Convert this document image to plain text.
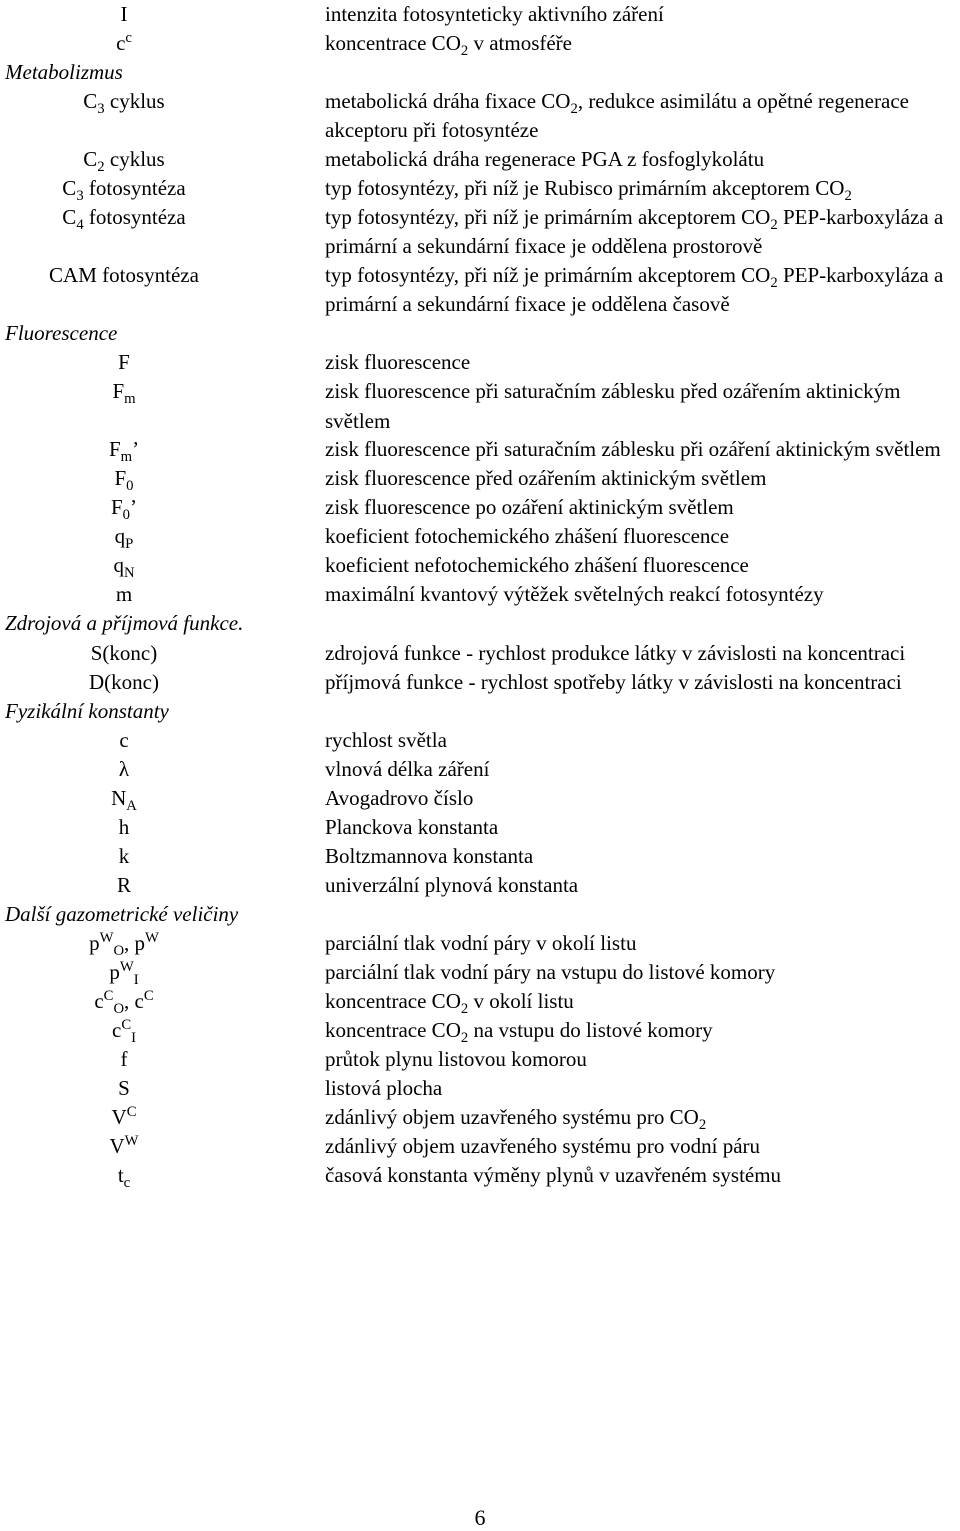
I	intenzita fotosynteticky aktivního záření
$c^c$	koncentrace $CO_2$ v atmosféře
Metabolizmus
$C_3$ cyklus	metabolická dráha fixace $CO_2$, redukce asimilátu a opětné regenerace akceptoru při fotosyntéze
$C_2$ cyklus	metabolická dráha regenerace PGA z fosfoglykolátu
$C_3$ fotosyntéza	typ fotosyntézy, při níž je Rubisco primárním akceptorem $CO_2$
$C_4$ fotosyntéza	typ fotosyntézy, při níž je primárním akceptorem $CO_2$ PEP-karboxyláza a primární a sekundární fixace je oddělena prostorově
CAM fotosyntéza	typ fotosyntézy, při níž je primárním akceptorem $CO_2$ PEP-karboxyláza a primární a sekundární fixace je oddělena časově
Fluorescence
F	zisk fluorescence
$F_m$	zisk fluorescence při saturačním záblesku před ozářením aktinickým světlem
$F_m$’	zisk fluorescence při saturačním záblesku při ozáření aktinickým světlem
$F_0$	zisk fluorescence před ozářením aktinickým světlem
$F_0$’	zisk fluorescence po ozáření aktinickým světlem
$q_P$	koeficient fotochemického zhášení fluorescence
$q_N$	koeficient nefotochemického zhášení fluorescence
m	maximální kvantový výtěžek světelných reakcí fotosyntézy
Zdrojová a příjmová funkce.
S(konc)	zdrojová funkce - rychlost produkce látky v závislosti na koncentraci
D(konc)	příjmová funkce - rychlost spotřeby látky v závislosti na koncentraci
Fyzikální konstanty
c	rychlost světla
λ	vlnová délka záření
$N_A$	Avogadrovo číslo
h	Planckova konstanta
k	Boltzmannova konstanta
R	univerzální plynová konstanta
Další gazometrické veličiny
$p^W_O$, $p^W$	parciální tlak vodní páry v okolí listu
$p^W_I$	parciální tlak vodní páry na vstupu do listové komory
$c^C_O$, $c^C$	koncentrace $CO_2$ v okolí listu
$c^C_I$	koncentrace $CO_2$ na vstupu do listové komory
f	průtok plynu listovou komorou
S	listová plocha
$V^C$	zdánlivý objem uzavřeného systému pro $CO_2$
$V^W$	zdánlivý objem uzavřeného systému pro vodní páru
$t_c$	časová konstanta výměny plynů v uzavřeném systému
6
